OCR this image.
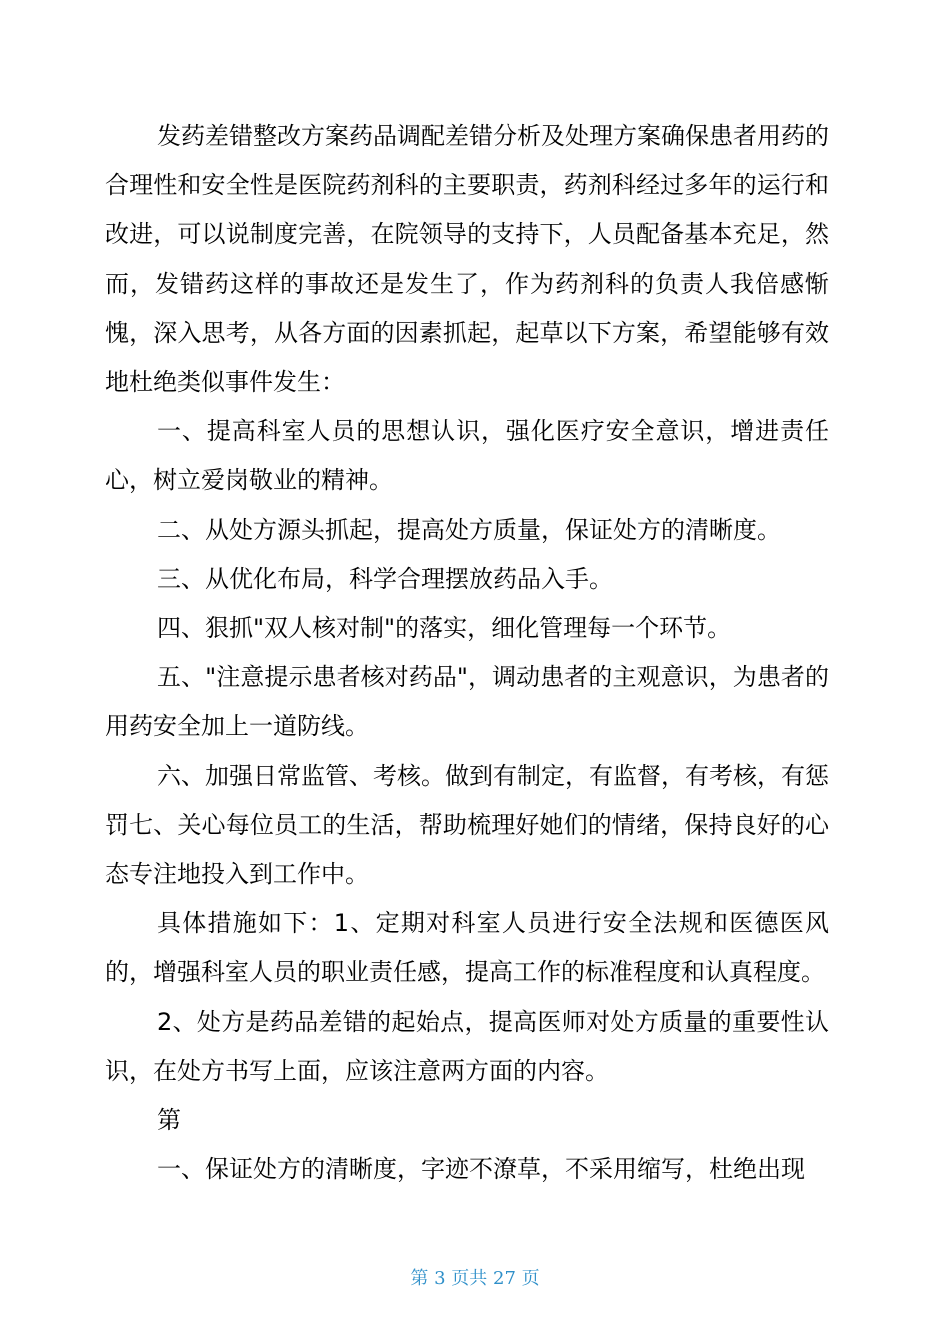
发药差错整改方案药品调配差错分析及处理方案确保患者用药的合理性和安全性是医院药剂科的主要职责，药剂科经过多年的运行和改进，可以说制度完善，在院领导的支持下，人员配备基本充足，然而，发错药这样的事故还是发生了，作为药剂科的负责人我倍感惭愧，深入思考，从各方面的因素抓起，起草以下方案，希望能够有效地杜绝类似事件发生：

一、提高科室人员的思想认识，强化医疗安全意识，增进责任心，树立爱岗敬业的精神。

二、从处方源头抓起，提高处方质量，保证处方的清晰度。

三、从优化布局，科学合理摆放药品入手。

四、狠抓"双人核对制"的落实，细化管理每一个环节。

五、"注意提示患者核对药品"，调动患者的主观意识，为患者的用药安全加上一道防线。

六、加强日常监管、考核。做到有制定，有监督，有考核，有惩罚七、关心每位员工的生活，帮助梳理好她们的情绪，保持良好的心态专注地投入到工作中。

具体措施如下：1、定期对科室人员进行安全法规和医德医风的，增强科室人员的职业责任感，提高工作的标准程度和认真程度。

2、处方是药品差错的起始点，提高医师对处方质量的重要性认识，在处方书写上面，应该注意两方面的内容。

第

一、保证处方的清晰度，字迹不潦草，不采用缩写，杜绝出现

第 3 页共 27 页
